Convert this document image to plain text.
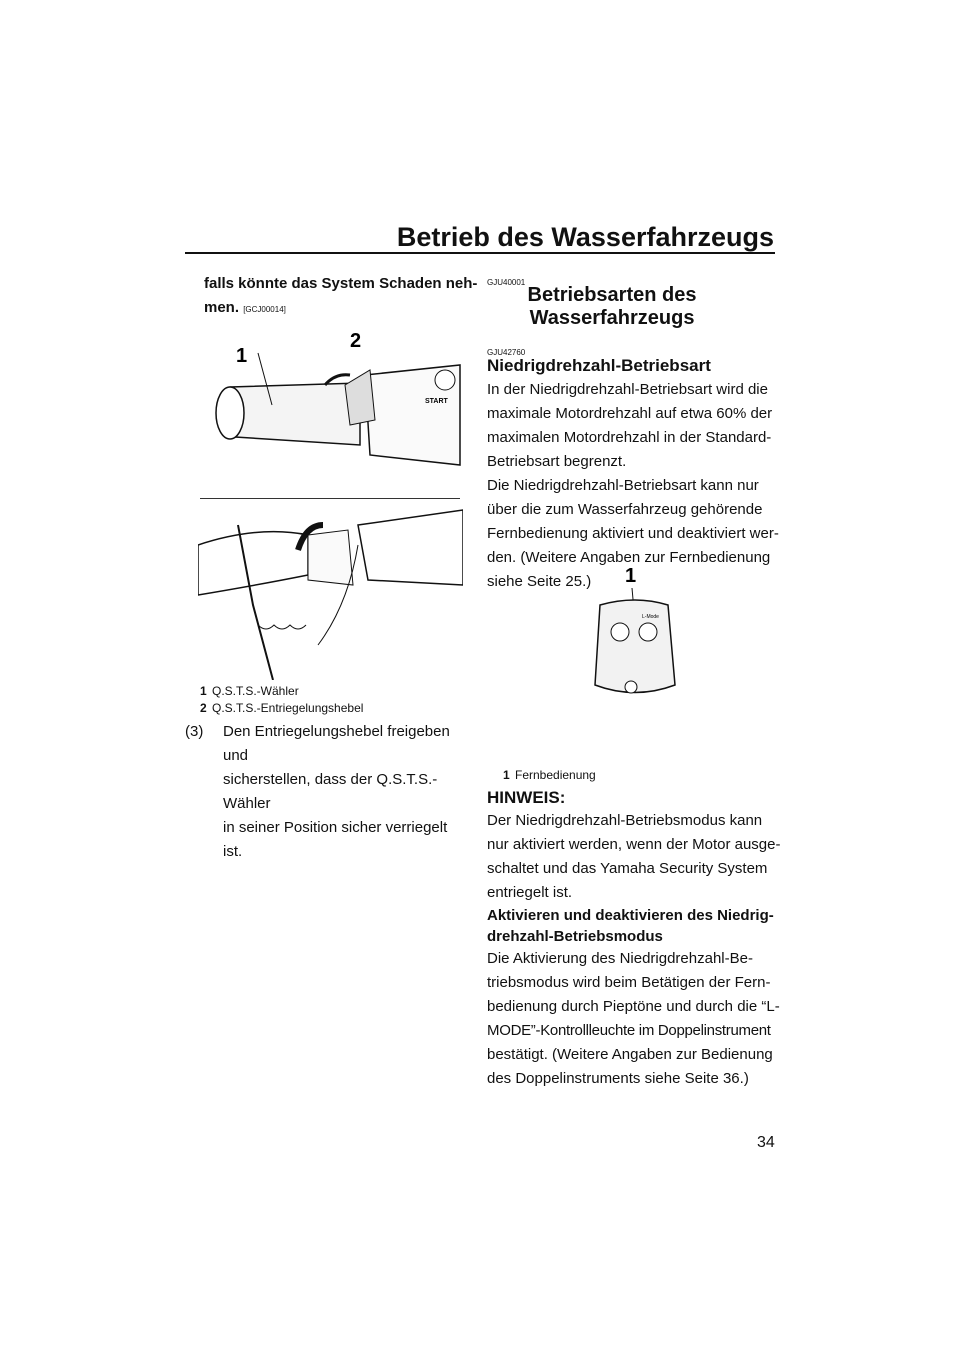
Betrieb des Wasserfahrzeugs
falls könnte das System Schaden neh-
men. [GCJ00014]
START
1
2
1 Q.S.T.S.-Wähler
2 Q.S.T.S.-Entriegelungshebel
(3) Den Entriegelungshebel freigeben und
sicherstellen, dass der Q.S.T.S.-Wähler
in seiner Position sicher verriegelt ist.
GJU40001
Betriebsarten des
Wasserfahrzeugs
GJU42760
Niedrigdrehzahl-Betriebsart
In der Niedrigdrehzahl-Betriebsart wird die
maximale Motordrehzahl auf etwa 60% der
maximalen Motordrehzahl in der Standard-
Betriebsart begrenzt.
Die Niedrigdrehzahl-Betriebsart kann nur
über die zum Wasserfahrzeug gehörende
Fernbedienung aktiviert und deaktiviert wer-
den. (Weitere Angaben zur Fernbedienung
siehe Seite 25.)	1
L-Mode
1 Fernbedienung
HINWEIS:
Der Niedrigdrehzahl-Betriebsmodus kann
nur aktiviert werden, wenn der Motor ausge-
schaltet und das Yamaha Security System
entriegelt ist.
Aktivieren und deaktivieren des Niedrig-
drehzahl-Betriebsmodus
Die Aktivierung des Niedrigdrehzahl-Be-
triebsmodus wird beim Betätigen der Fern-
bedienung durch Pieptöne und durch die “L-
MODE”-Kontrollleuchte im Doppelinstrument
bestätigt. (Weitere Angaben zur Bedienung
des Doppelinstruments siehe Seite 36.)
34
